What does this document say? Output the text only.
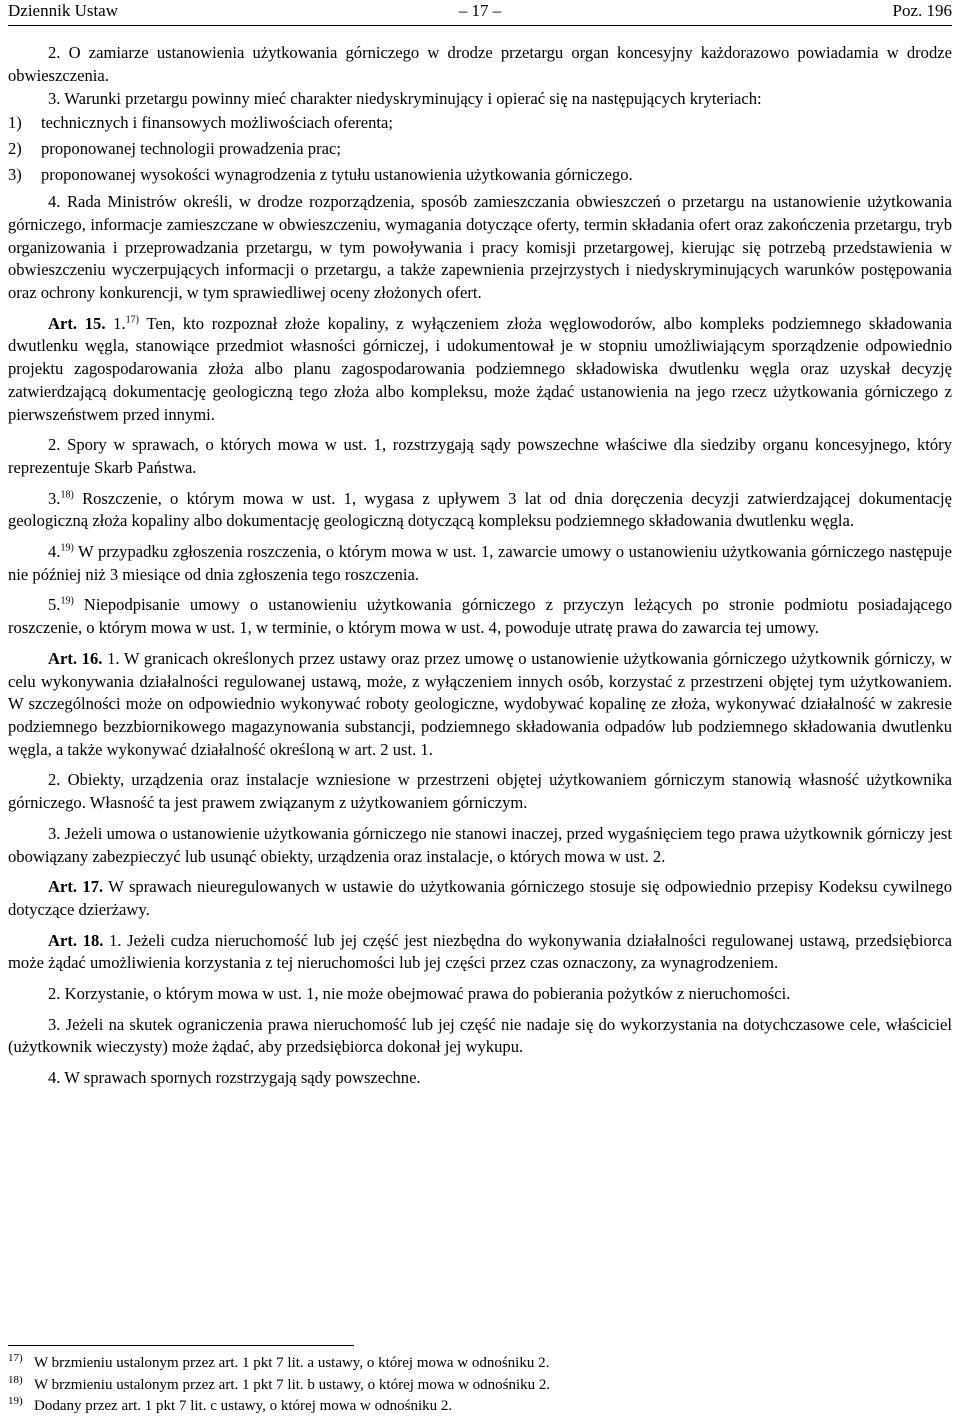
Dziennik Ustaw	– 17 –	Poz. 196

2. O zamiarze ustanowienia użytkowania górniczego w drodze przetargu organ koncesyjny każdorazowo powiadamia w drodze obwieszczenia.

3. Warunki przetargu powinny mieć charakter niedyskryminujący i opierać się na następujących kryteriach:

1) technicznych i finansowych możliwościach oferenta;

2) proponowanej technologii prowadzenia prac;

3) proponowanej wysokości wynagrodzenia z tytułu ustanowienia użytkowania górniczego.

4. Rada Ministrów określi, w drodze rozporządzenia, sposób zamieszczania obwieszczeń o przetargu na ustanowienie użytkowania górniczego, informacje zamieszczane w obwieszczeniu, wymagania dotyczące oferty, termin składania ofert oraz zakończenia przetargu, tryb organizowania i przeprowadzania przetargu, w tym powoływania i pracy komisji przetargowej, kierując się potrzebą przedstawienia w obwieszczeniu wyczerpujących informacji o przetargu, a także zapewnienia przejrzystych i niedyskryminujących warunków postępowania oraz ochrony konkurencji, w tym sprawiedliwej oceny złożonych ofert.

Art. 15. 1.$^{17)}$ Ten, kto rozpoznał złoże kopaliny, z wyłączeniem złoża węglowodorów, albo kompleks podziemnego składowania dwutlenku węgla, stanowiące przedmiot własności górniczej, i udokumentował je w stopniu umożliwiającym sporządzenie odpowiednio projektu zagospodarowania złoża albo planu zagospodarowania podziemnego składowiska dwutlenku węgla oraz uzyskał decyzję zatwierdzającą dokumentację geologiczną tego złoża albo kompleksu, może żądać ustanowienia na jego rzecz użytkowania górniczego z pierwszeństwem przed innymi.

2. Spory w sprawach, o których mowa w ust. 1, rozstrzygają sądy powszechne właściwe dla siedziby organu koncesyjnego, który reprezentuje Skarb Państwa.

3.$^{18)}$ Roszczenie, o którym mowa w ust. 1, wygasa z upływem 3 lat od dnia doręczenia decyzji zatwierdzającej dokumentację geologiczną złoża kopaliny albo dokumentację geologiczną dotyczącą kompleksu podziemnego składowania dwutlenku węgla.

4.$^{19)}$ W przypadku zgłoszenia roszczenia, o którym mowa w ust. 1, zawarcie umowy o ustanowieniu użytkowania górniczego następuje nie później niż 3 miesiące od dnia zgłoszenia tego roszczenia.

5.$^{19)}$ Niepodpisanie umowy o ustanowieniu użytkowania górniczego z przyczyn leżących po stronie podmiotu posiadającego roszczenie, o którym mowa w ust. 1, w terminie, o którym mowa w ust. 4, powoduje utratę prawa do zawarcia tej umowy.

Art. 16. 1. W granicach określonych przez ustawy oraz przez umowę o ustanowienie użytkowania górniczego użytkownik górniczy, w celu wykonywania działalności regulowanej ustawą, może, z wyłączeniem innych osób, korzystać z przestrzeni objętej tym użytkowaniem. W szczególności może on odpowiednio wykonywać roboty geologiczne, wydobywać kopalinę ze złoża, wykonywać działalność w zakresie podziemnego bezzbiornikowego magazynowania substancji, podziemnego składowania odpadów lub podziemnego składowania dwutlenku węgla, a także wykonywać działalność określoną w art. 2 ust. 1.

2. Obiekty, urządzenia oraz instalacje wzniesione w przestrzeni objętej użytkowaniem górniczym stanowią własność użytkownika górniczego. Własność ta jest prawem związanym z użytkowaniem górniczym.

3. Jeżeli umowa o ustanowienie użytkowania górniczego nie stanowi inaczej, przed wygaśnięciem tego prawa użytkownik górniczy jest obowiązany zabezpieczyć lub usunąć obiekty, urządzenia oraz instalacje, o których mowa w ust. 2.

Art. 17. W sprawach nieuregulowanych w ustawie do użytkowania górniczego stosuje się odpowiednio przepisy Kodeksu cywilnego dotyczące dzierżawy.

Art. 18. 1. Jeżeli cudza nieruchomość lub jej część jest niezbędna do wykonywania działalności regulowanej ustawą, przedsiębiorca może żądać umożliwienia korzystania z tej nieruchomości lub jej części przez czas oznaczony, za wynagrodzeniem.

2. Korzystanie, o którym mowa w ust. 1, nie może obejmować prawa do pobierania pożytków z nieruchomości.

3. Jeżeli na skutek ograniczenia prawa nieruchomość lub jej część nie nadaje się do wykorzystania na dotychczasowe cele, właściciel (użytkownik wieczysty) może żądać, aby przedsiębiorca dokonał jej wykupu.

4. W sprawach spornych rozstrzygają sądy powszechne.

17) W brzmieniu ustalonym przez art. 1 pkt 7 lit. a ustawy, o której mowa w odnośniku 2.
18) W brzmieniu ustalonym przez art. 1 pkt 7 lit. b ustawy, o której mowa w odnośniku 2.
19) Dodany przez art. 1 pkt 7 lit. c ustawy, o której mowa w odnośniku 2.
